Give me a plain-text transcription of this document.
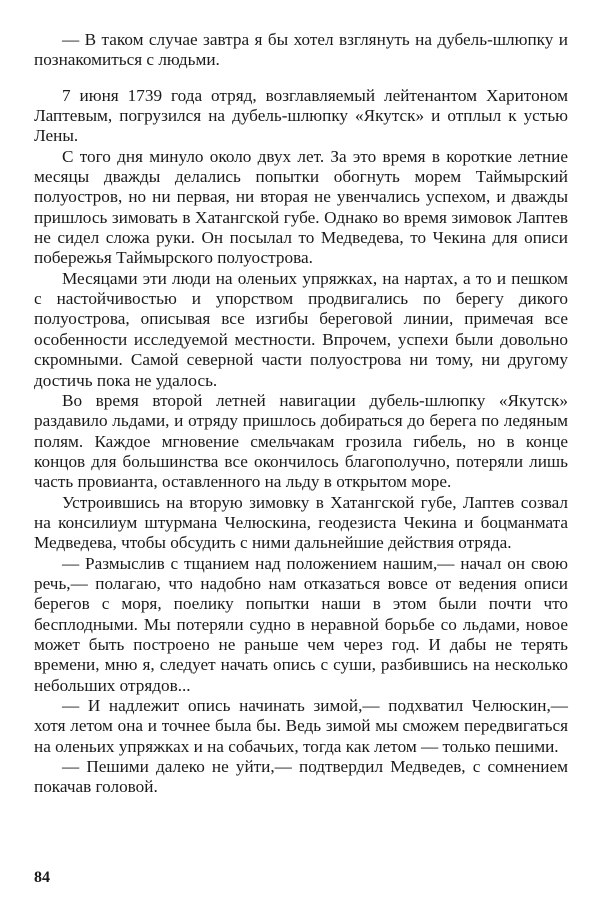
— В таком случае завтра я бы хотел взглянуть на дубель-шлюпку и познакомиться с людьми.

7 июня 1739 года отряд, возглавляемый лейтенантом Харитоном Лаптевым, погрузился на дубель-шлюпку «Якутск» и отплыл к устью Лены.

С того дня минуло около двух лет. За это время в короткие летние месяцы дважды делались попытки обогнуть морем Таймырский полуостров, но ни первая, ни вторая не увенчались успехом, и дважды пришлось зимовать в Хатангской губе. Однако во время зимовок Лаптев не сидел сложа руки. Он посылал то Медведева, то Чекина для описи побережья Таймырского полуострова.

Месяцами эти люди на оленьих упряжках, на нартах, а то и пешком с настойчивостью и упорством продвигались по берегу дикого полуострова, описывая все изгибы береговой линии, примечая все особенности исследуемой местности. Впрочем, успехи были довольно скромными. Самой северной части полуострова ни тому, ни другому достичь пока не удалось.

Во время второй летней навигации дубель-шлюпку «Якутск» раздавило льдами, и отряду пришлось добираться до берега по ледяным полям. Каждое мгновение смельчакам грозила гибель, но в конце концов для большинства все окончилось благополучно, потеряли лишь часть провианта, оставленного на льду в открытом море.

Устроившись на вторую зимовку в Хатангской губе, Лаптев созвал на консилиум штурмана Челюскина, геодезиста Чекина и боцманмата Медведева, чтобы обсудить с ними дальнейшие действия отряда.

— Размыслив с тщанием над положением нашим,— начал он свою речь,— полагаю, что надобно нам отказаться вовсе от ведения описи берегов с моря, поелику попытки наши в этом были почти что бесплодными. Мы потеряли судно в неравной борьбе со льдами, новое может быть построено не раньше чем через год. И дабы не терять времени, мню я, следует начать опись с суши, разбившись на несколько небольших отрядов...

— И надлежит опись начинать зимой,— подхватил Челюскин,— хотя летом она и точнее была бы. Ведь зимой мы сможем передвигаться на оленьих упряжках и на собачьих, тогда как летом — только пешими.

— Пешими далеко не уйти,— подтвердил Медведев, с сомнением покачав головой.

84
